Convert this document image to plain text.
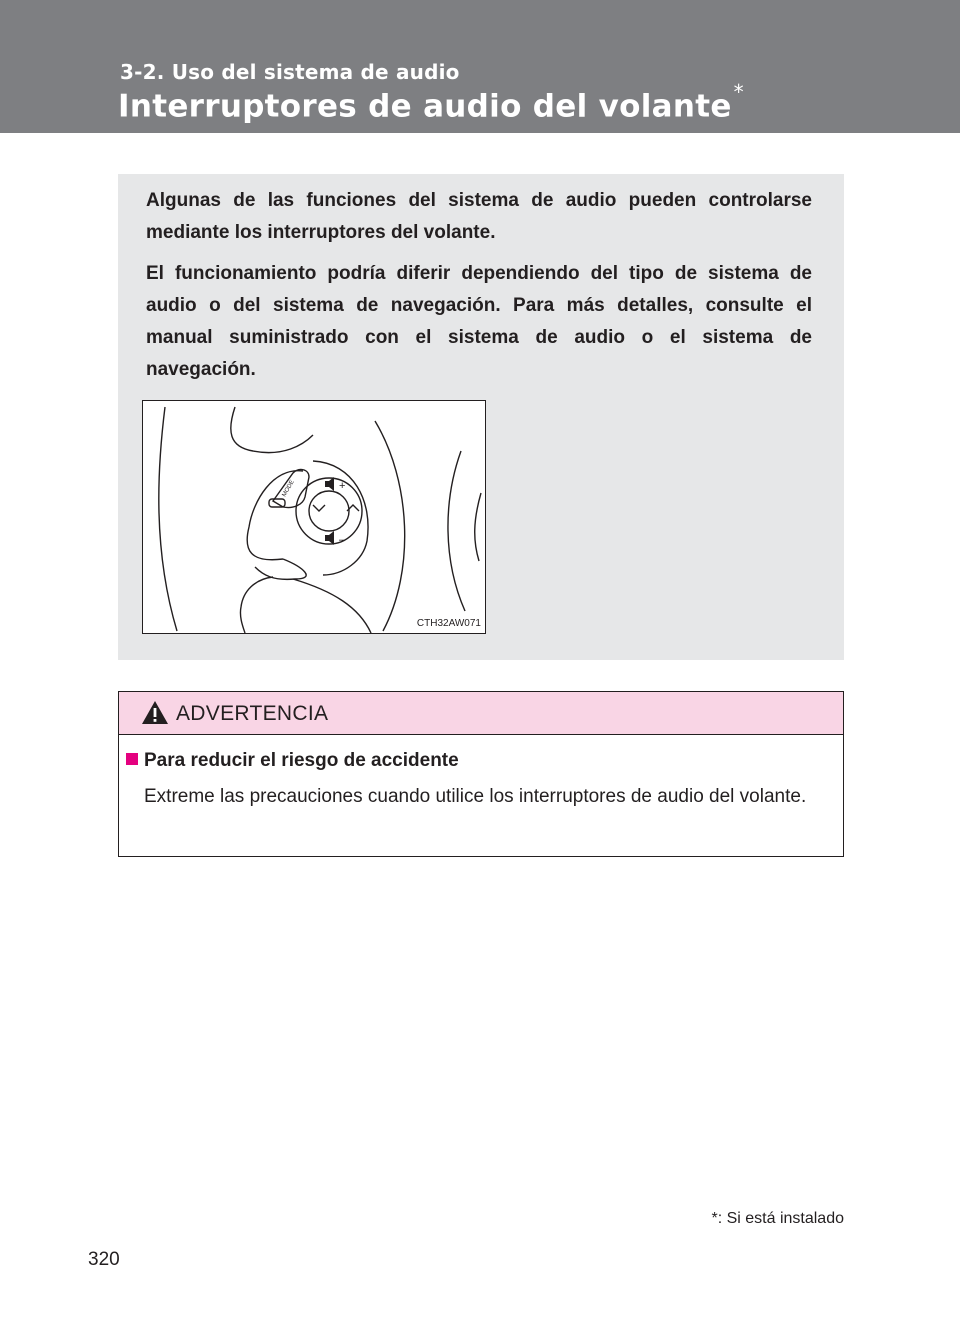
3-2. Uso del sistema de audio
Interruptores de audio del volante *

Algunas de las funciones del sistema de audio pueden controlarse mediante los interruptores del volante.

El funcionamiento podría diferir dependiendo del tipo de sistema de audio o del sistema de navegación. Para más detalles, consulte el manual suministrado con el sistema de audio o el sistema de navegación.

+
–
MODE
CTH32AW071
ADVERTENCIA
Para reducir el riesgo de accidente

Extreme las precauciones cuando utilice los interruptores de audio del volante.

*: Si está instalado
320
